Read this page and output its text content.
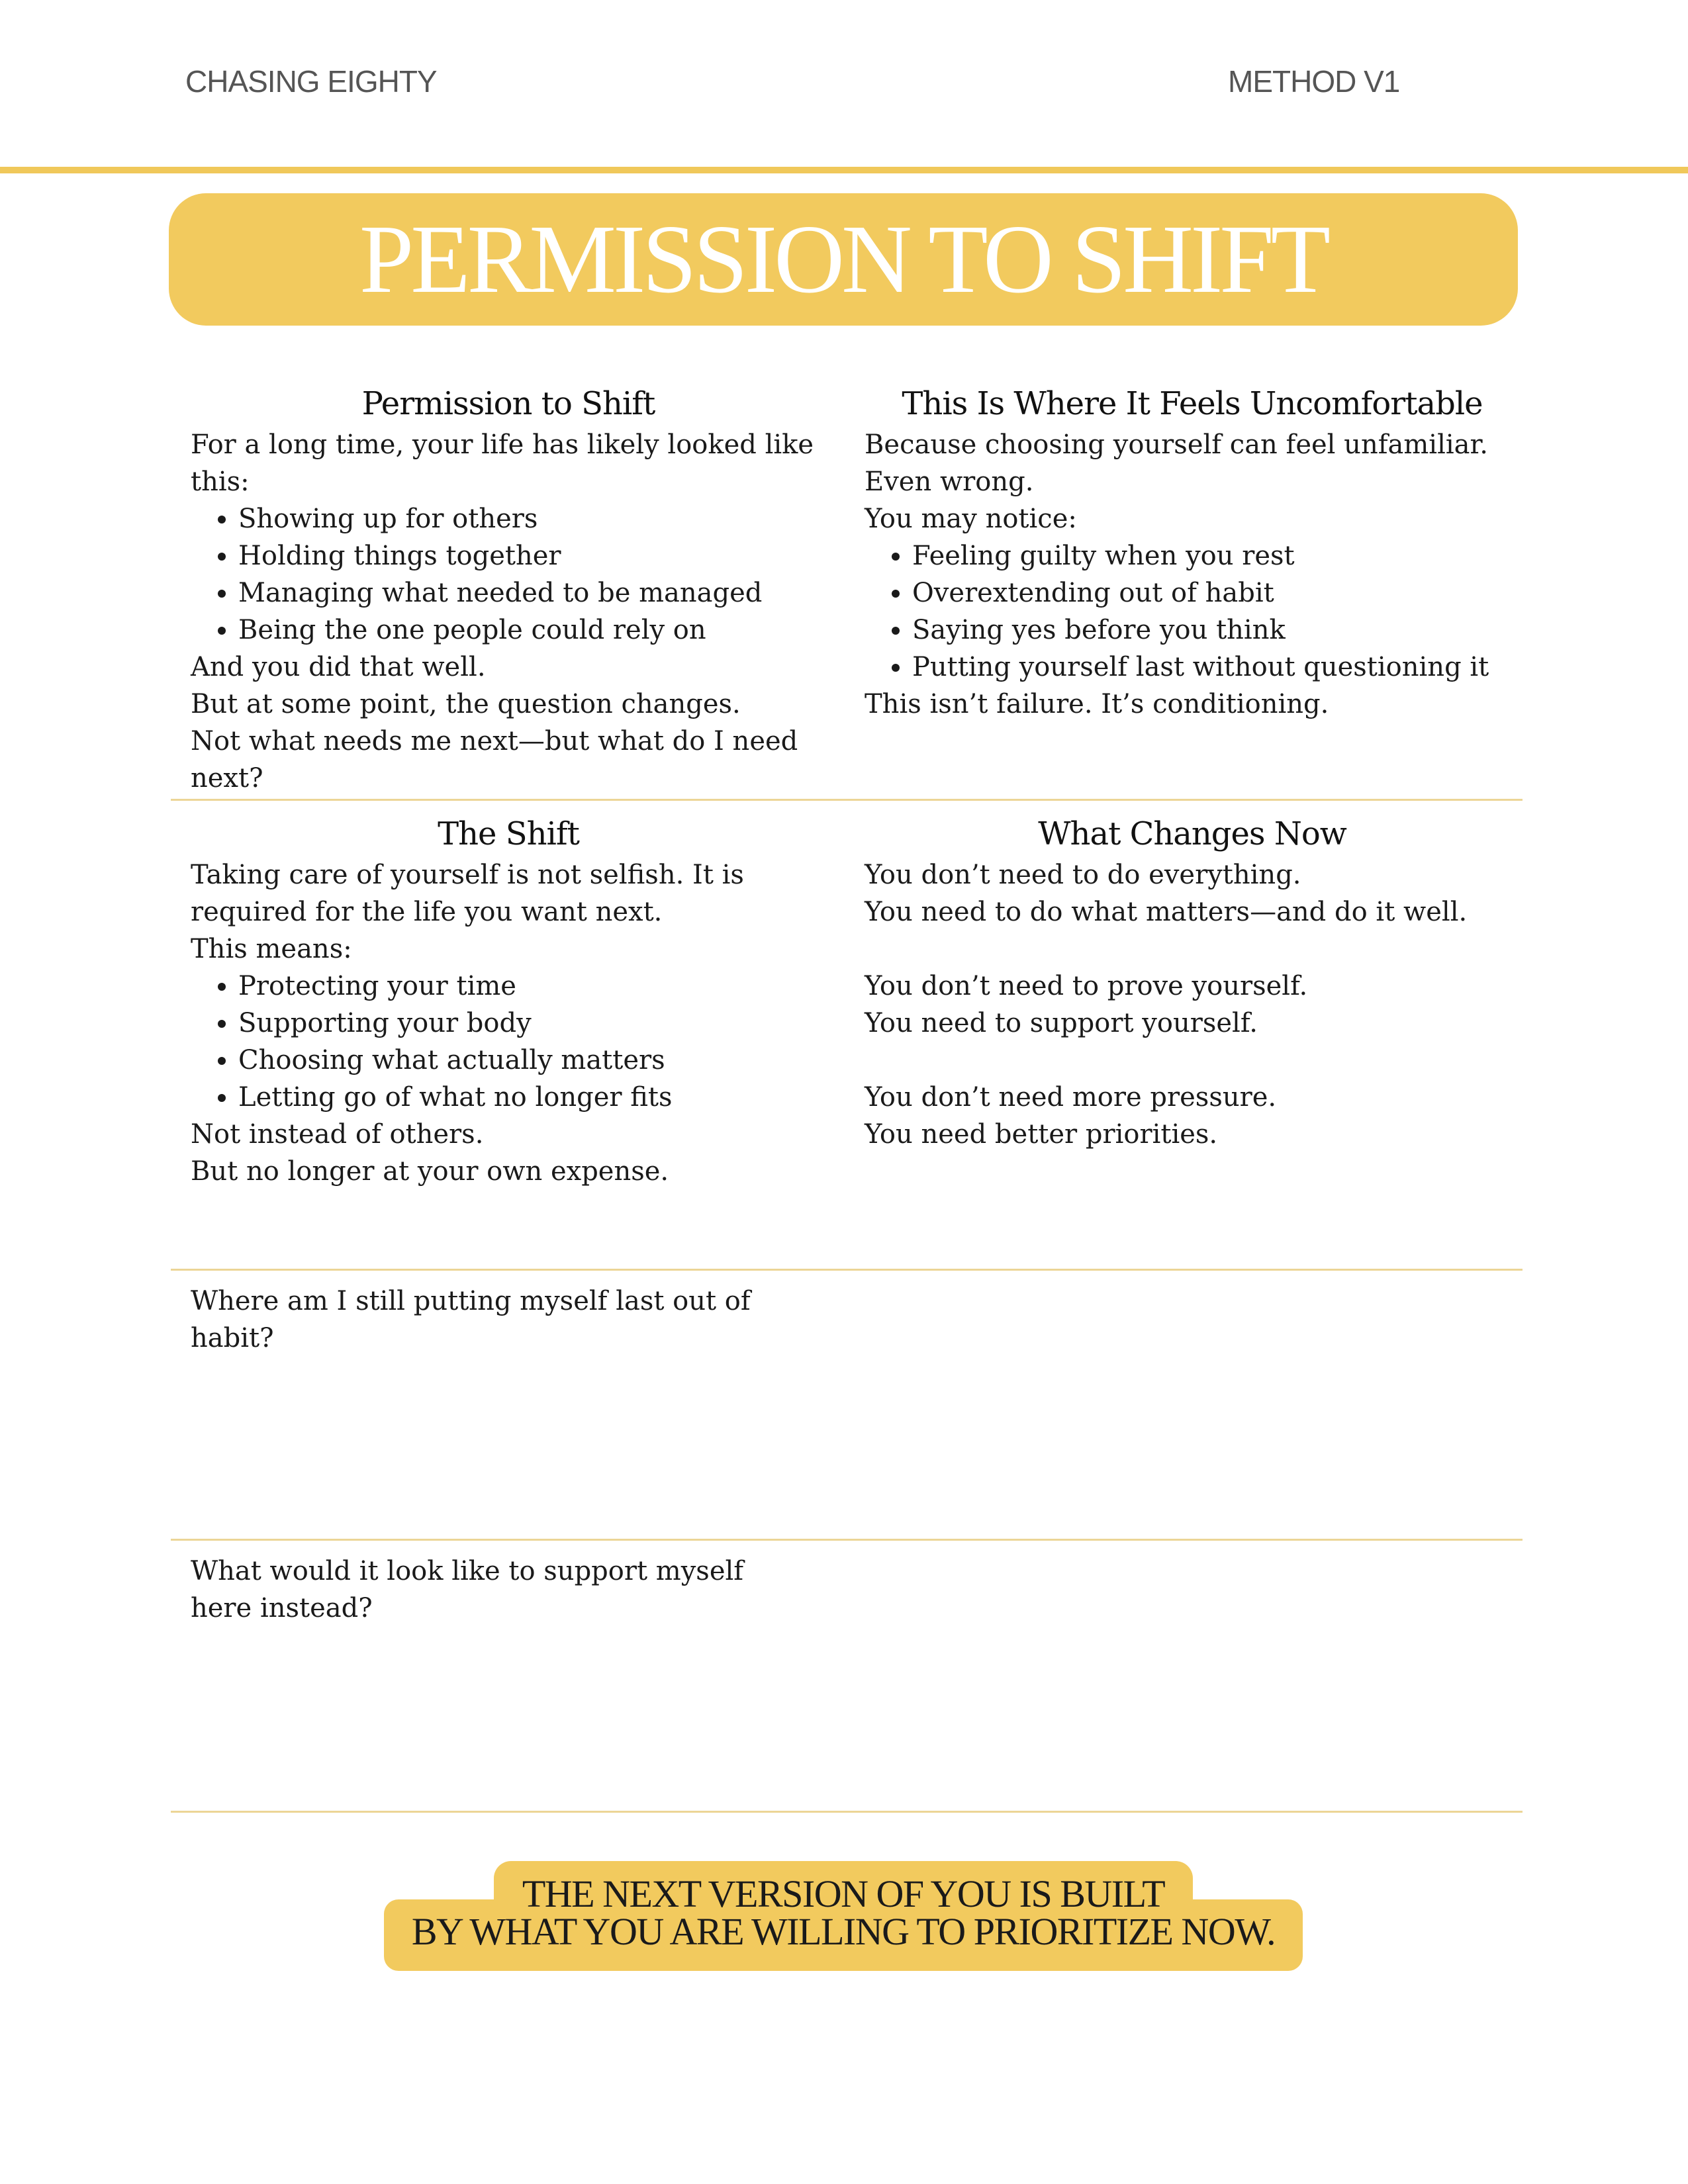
CHASING EIGHTY	METHOD V1
PERMISSION TO SHIFT
Permission to Shift

For a long time, your life has likely looked like this:

• Showing up for others
• Holding things together
• Managing what needed to be managed
• Being the one people could rely on

And you did that well.

But at some point, the question changes.

Not what needs me next—but what do I need next?

This Is Where It Feels Uncomfortable

Because choosing yourself can feel unfamiliar. Even wrong.

You may notice:

• Feeling guilty when you rest
• Overextending out of habit
• Saying yes before you think
• Putting yourself last without questioning it

This isn’t failure. It’s conditioning.

The Shift

Taking care of yourself is not selfish. It is required for the life you want next.

This means:

• Protecting your time
• Supporting your body
• Choosing what actually matters
• Letting go of what no longer fits

Not instead of others.

But no longer at your own expense.

What Changes Now

You don’t need to do everything.

You need to do what matters—and do it well.

You don’t need to prove yourself.

You need to support yourself.

You don’t need more pressure.

You need better priorities.

Where am I still putting myself last out of habit?

What would it look like to support myself here instead?

THE NEXT VERSION OF YOU IS BUILT
BY WHAT YOU ARE WILLING TO PRIORITIZE NOW.
